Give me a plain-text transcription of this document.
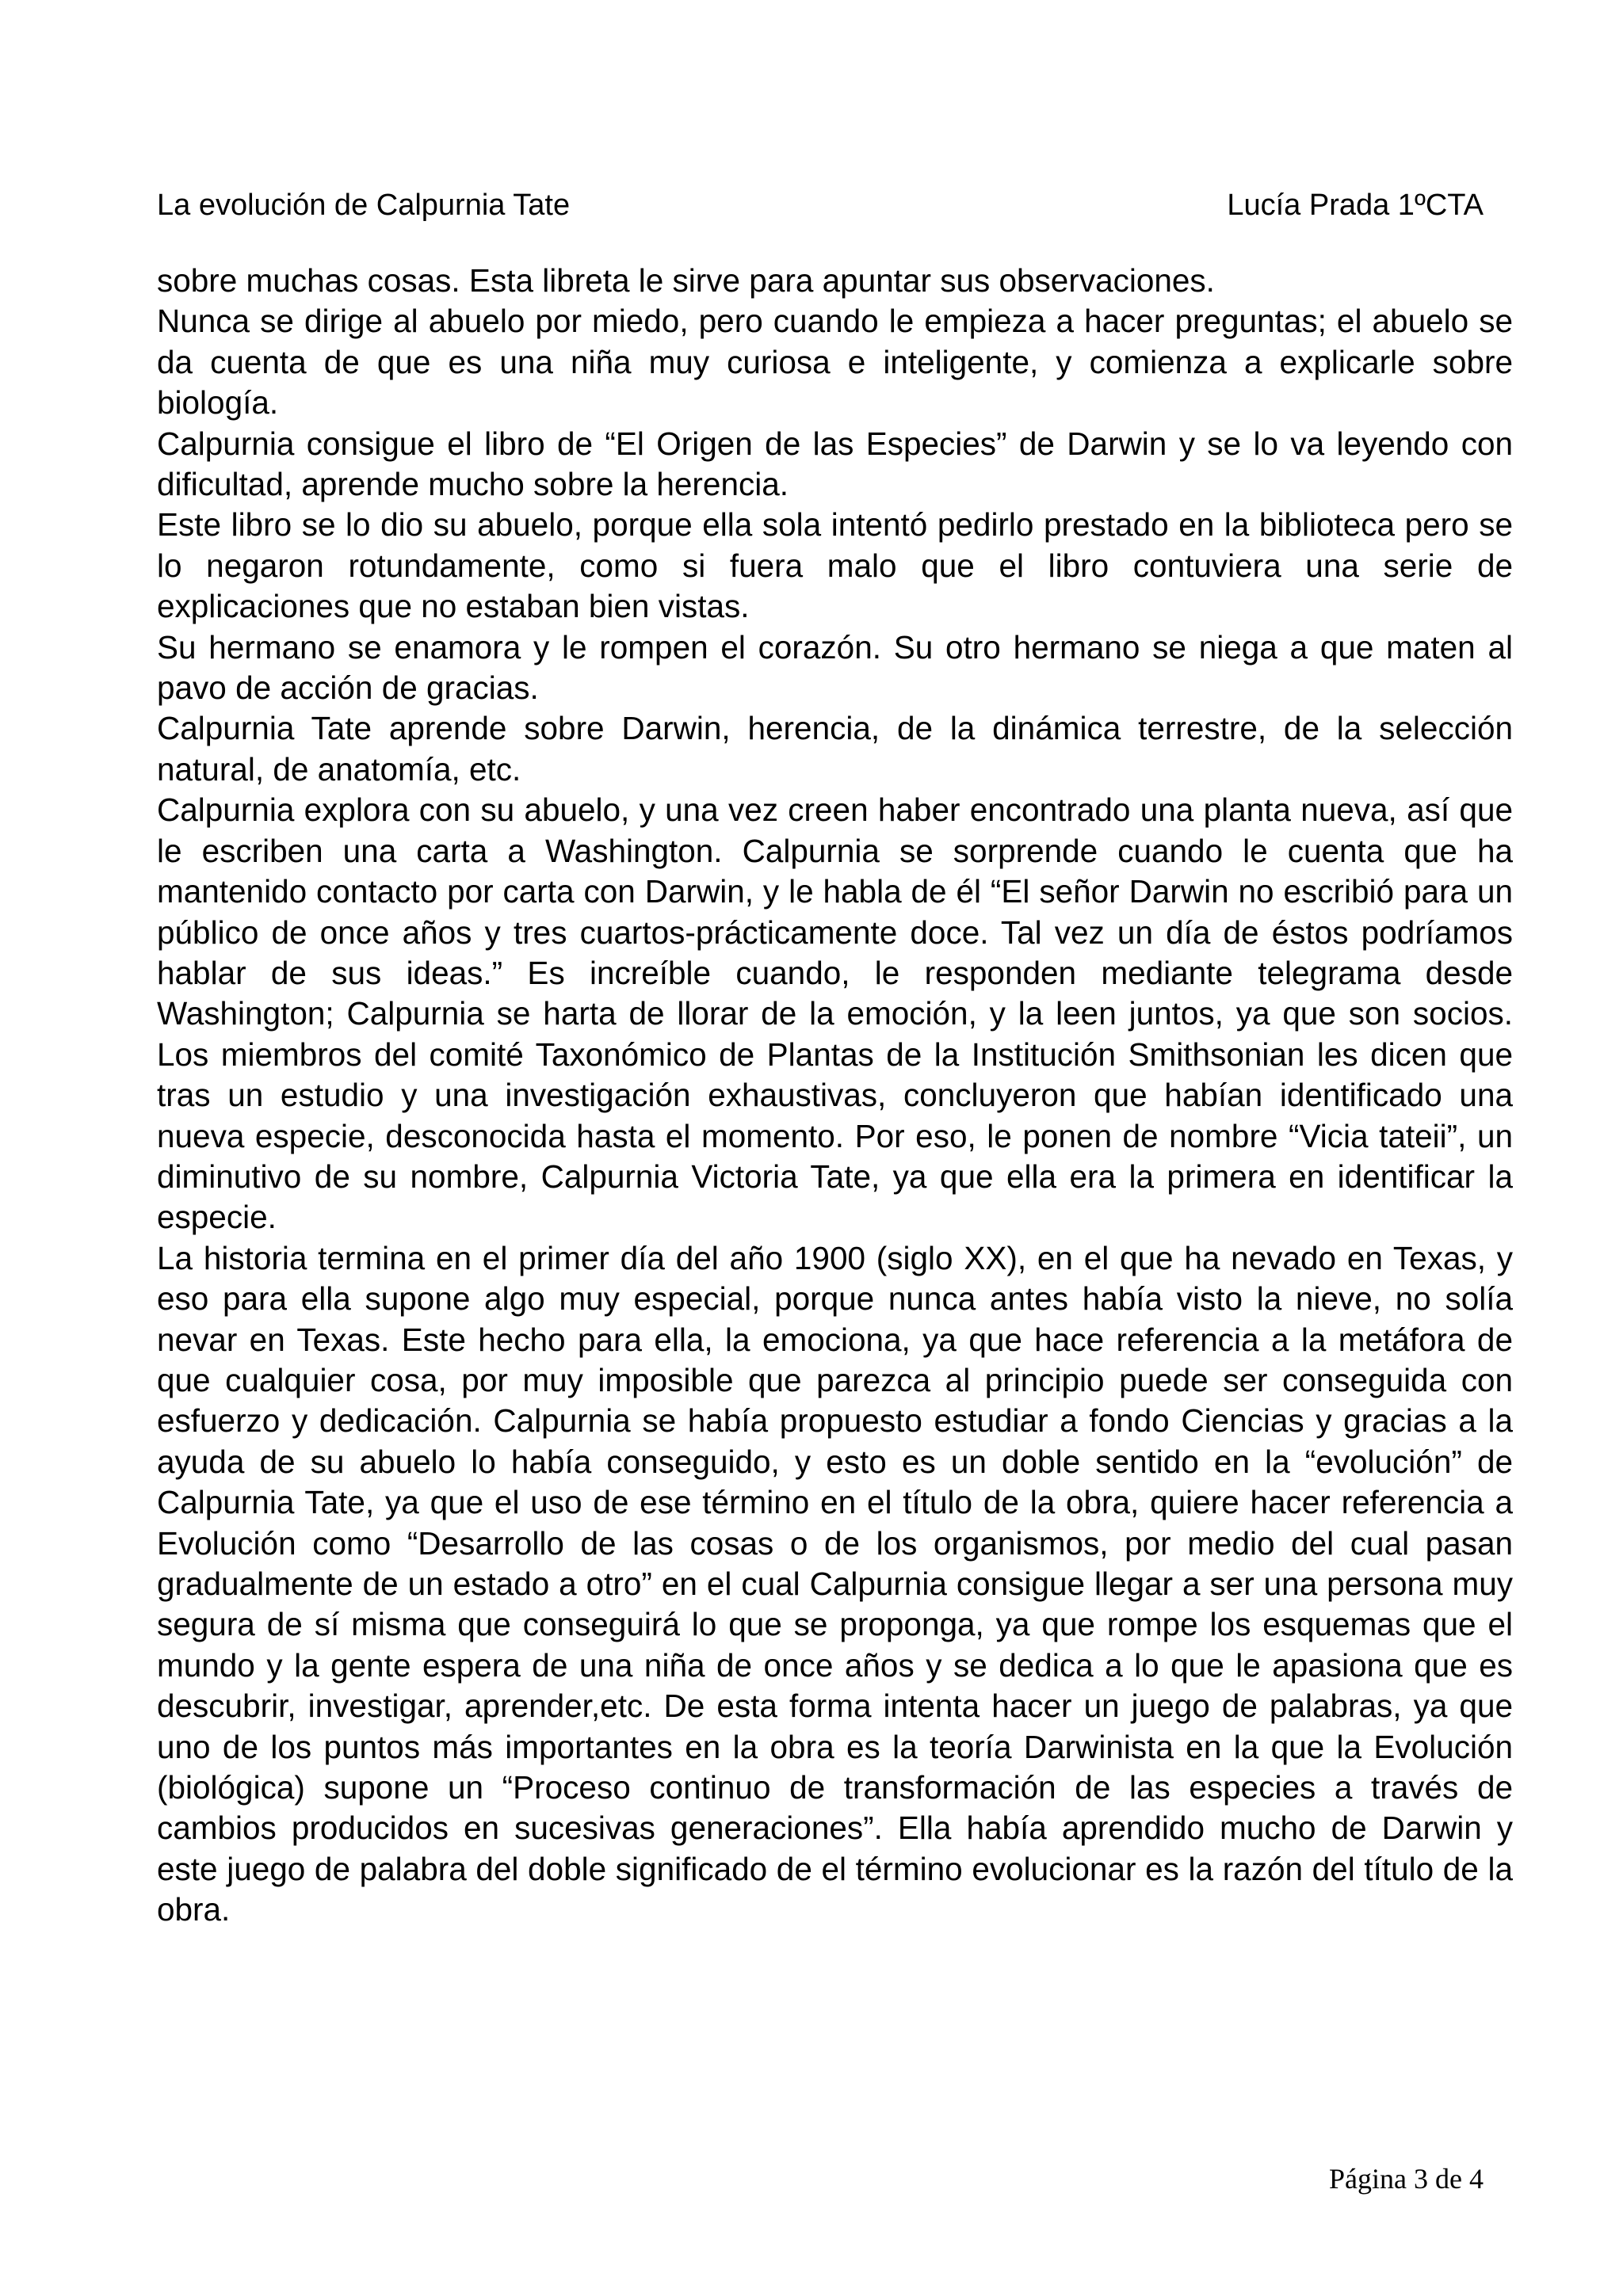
La evolución de Calpurnia Tate	Lucía Prada 1ºCTA

sobre muchas cosas. Esta libreta le sirve para apuntar sus observaciones.

Nunca se dirige al abuelo por miedo, pero cuando le empieza a hacer preguntas; el abuelo se da cuenta de que es una niña muy curiosa e inteligente, y comienza a explicarle sobre biología.

Calpurnia consigue el libro de “El Origen de las Especies” de Darwin y se lo va leyendo con dificultad, aprende mucho sobre la herencia.

Este libro se lo dio su abuelo, porque ella sola intentó pedirlo prestado en la biblioteca pero se lo negaron rotundamente, como si fuera malo que el libro contuviera una serie de explicaciones que no estaban bien vistas.

Su hermano se enamora y le rompen el corazón. Su otro hermano se niega a que maten al pavo de acción de gracias.

Calpurnia Tate aprende sobre Darwin, herencia, de la dinámica terrestre, de la selección natural, de anatomía, etc.

Calpurnia explora con su abuelo, y una vez creen haber encontrado una planta nueva, así que le escriben una carta a Washington. Calpurnia se sorprende cuando le cuenta que ha mantenido contacto por carta con Darwin, y le habla de él “El señor Darwin no escribió para un público de once años y tres cuartos-prácticamente doce. Tal vez un día de éstos podríamos hablar de sus ideas.” Es increíble cuando, le responden mediante telegrama desde Washington; Calpurnia se harta de llorar de la emoción, y la leen juntos, ya que son socios. Los miembros del comité Taxonómico de Plantas de la Institución Smithsonian les dicen que tras un estudio y una investigación exhaustivas, concluyeron que habían identificado una nueva especie, desconocida hasta el momento. Por eso, le ponen de nombre “Vicia tateii”, un diminutivo de su nombre, Calpurnia Victoria Tate, ya que ella era la primera en identificar la especie.

La historia termina en el primer día del año 1900 (siglo XX), en el que ha nevado en Texas, y eso para ella supone algo muy especial, porque nunca antes había visto la nieve, no solía nevar en Texas. Este hecho para ella, la emociona, ya que hace referencia a la metáfora de que cualquier cosa, por muy imposible que parezca al principio puede ser conseguida con esfuerzo y dedicación. Calpurnia se había propuesto estudiar a fondo Ciencias y gracias a la ayuda de su abuelo lo había conseguido, y esto es un doble sentido en la “evolución” de Calpurnia Tate, ya que el uso de ese término en el título de la obra, quiere hacer referencia a Evolución como “Desarrollo de las cosas o de los organismos, por medio del cual pasan gradualmente de un estado a otro” en el cual Calpurnia consigue llegar a ser una persona muy segura de sí misma que conseguirá lo que se proponga, ya que rompe los esquemas que el mundo y la gente espera de una niña de once años y se dedica a lo que le apasiona que es descubrir, investigar, aprender,etc. De esta forma intenta hacer un juego de palabras, ya que uno de los puntos más importantes en la obra es la teoría Darwinista en la que la Evolución (biológica) supone un “Proceso continuo de transformación de las especies a través de cambios producidos en sucesivas generaciones”. Ella había aprendido mucho de Darwin y este juego de palabra del doble significado de el término evolucionar es la razón del título de la obra.

Página 3 de 4
